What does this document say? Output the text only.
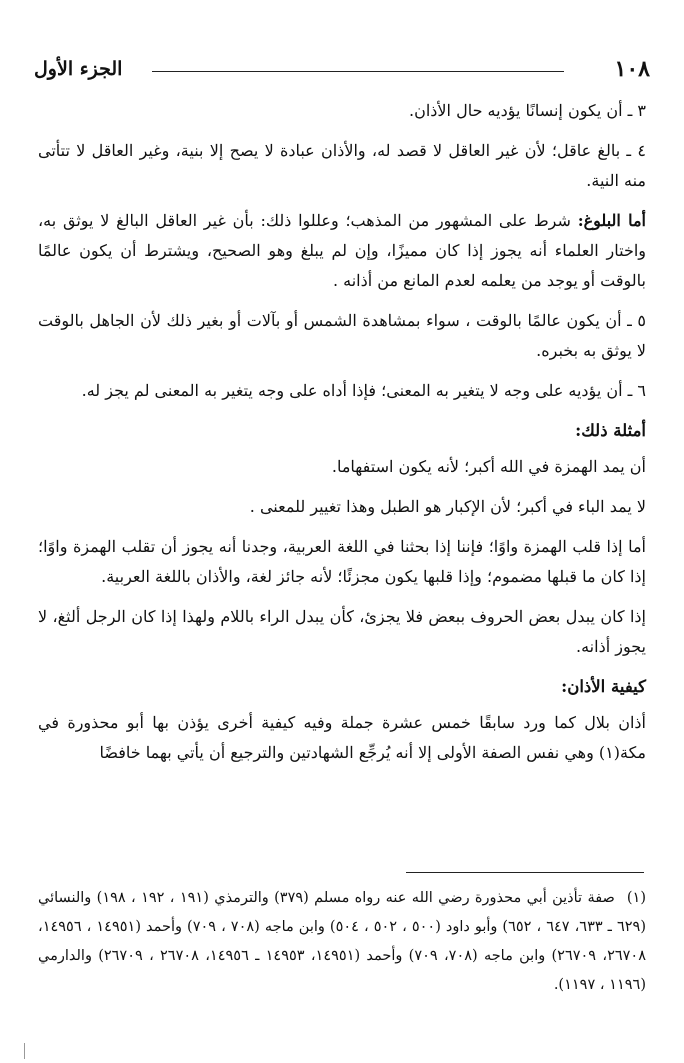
الجزء الأول	١٠٨

٣ ـ أن يكون إنسانًا يؤديه حال الأذان.

٤ ـ بالغ عاقل؛ لأن غير العاقل لا قصد له، والأذان عبادة لا يصح إلا بنية، وغير العاقل لا تتأتى منه النية.

أما البلوغ: شرط على المشهور من المذهب؛ وعللوا ذلك: بأن غير العاقل البالغ لا يوثق به، واختار العلماء أنه يجوز إذا كان مميزًا، وإن لم يبلغ وهو الصحيح، ويشترط أن يكون عالمًا بالوقت أو يوجد من يعلمه لعدم المانع من أذانه .

٥ ـ أن يكون عالمًا بالوقت ، سواء بمشاهدة الشمس أو بآلات أو بغير ذلك لأن الجاهل بالوقت لا يوثق به بخبره.

٦ ـ أن يؤديه على وجه لا يتغير به المعنى؛ فإذا أداه على وجه يتغير به المعنى لم يجز له.

أمثلة ذلك:

أن يمد الهمزة في الله أكبر؛ لأنه يكون استفهاما.

لا يمد الباء في أكبر؛ لأن الإكبار هو الطبل وهذا تغيير للمعنى .

أما إذا قلب الهمزة واوًا؛ فإننا إذا بحثنا في اللغة العربية، وجدنا أنه يجوز أن تقلب الهمزة واوًا؛ إذا كان ما قبلها مضموم؛ وإذا قلبها يكون مجزئًا؛ لأنه جائز لغة، والأذان باللغة العربية.

إذا كان يبدل بعض الحروف ببعض فلا يجزئ، كأن يبدل الراء باللام ولهذا إذا كان الرجل ألثغ، لا يجوز أذانه.

كيفية الأذان:

أذان بلال كما ورد سابقًا خمس عشرة جملة وفيه كيفية أخرى يؤذن بها أبو محذورة في مكة(١) وهي نفس الصفة الأولى إلا أنه يُرجِّع الشهادتين والترجيع أن يأتي بهما خافضًا

(١)صفة تأذين أبي محذورة رضي الله عنه رواه مسلم (٣٧٩) والترمذي (١٩١ ، ١٩٢ ، ١٩٨) والنسائي (٦٢٩ ـ ٦٣٣، ٦٤٧ ، ٦٥٢) وأبو داود (٥٠٠ ، ٥٠٢ ، ٥٠٤) وابن ماجه (٧٠٨ ، ٧٠٩) وأحمد (١٤٩٥١ ، ١٤٩٥٦، ٢٦٧٠٨، ٢٦٧٠٩) وابن ماجه (٧٠٨، ٧٠٩) وأحمد (١٤٩٥١، ١٤٩٥٣ ـ ١٤٩٥٦، ٢٦٧٠٨ ، ٢٦٧٠٩) والدارمي (١١٩٦ ، ١١٩٧).
